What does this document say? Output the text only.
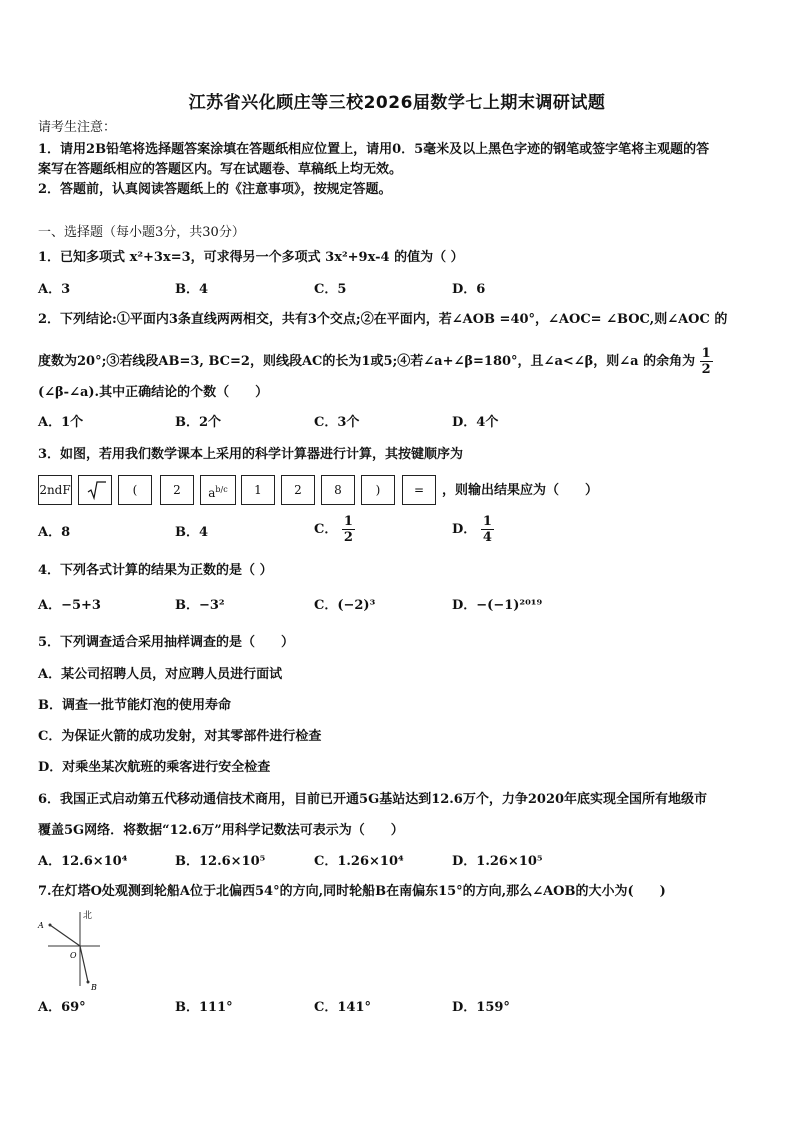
江苏省兴化顾庄等三校2026届数学七上期末调研试题
请考生注意：
1．请用2B铅笔将选择题答案涂填在答题纸相应位置上，请用0．5毫米及以上黑色字迹的钢笔或签字笔将主观题的答
案写在答题纸相应的答题区内。写在试题卷、草稿纸上均无效。
2．答题前，认真阅读答题纸上的《注意事项》，按规定答题。
一、选择题（每小题3分，共30分）
1．已知多项式 x²+3x=3，可求得另一个多项式 3x²+9x-4 的值为（ ）
A．3	B．4	C．5	D．6
2．下列结论:①平面内3条直线两两相交，共有3个交点;②在平面内，若∠AOB =40°，∠AOC= ∠BOC,则∠AOC 的
度数为20°;③若线段AB=3, BC=2，则线段AC的长为1或5;④若∠a+∠β=180°，且∠a<∠β，则∠a 的余角为 $\frac{1}{2}$
(∠β-∠a).其中正确结论的个数（　　）
A．1个	B．2个	C．3个	D．4个
3．如图，若用我们数学课本上采用的科学计算器进行计算，其按键顺序为
2ndF	(	2	$a^{b/c}$	1	2	8	)	=	，则输出结果应为（　　）
A．8	B．4	C． $\frac{1}{2}$	D． $\frac{1}{4}$
4．下列各式计算的结果为正数的是（ ）
A．−5+3	B．−3²	C．(−2)³	D．−(−1)²⁰¹⁹
5．下列调查适合采用抽样调查的是（　　）
A．某公司招聘人员，对应聘人员进行面试
B．调查一批节能灯泡的使用寿命
C．为保证火箭的成功发射，对其零部件进行检查
D．对乘坐某次航班的乘客进行安全检查
6．我国正式启动第五代移动通信技术商用，目前已开通5G基站达到12.6万个，力争2020年底实现全国所有地级市
覆盖5G网络．将数据“12.6万”用科学记数法可表示为（　　）
A．12.6×10⁴	B．12.6×10⁵	C．1.26×10⁴	D．1.26×10⁵
7.在灯塔O处观测到轮船A位于北偏西54°的方向,同时轮船B在南偏东15°的方向,那么∠AOB的大小为(　　)
北
A
O
B
A．69°	B．111°	C．141°	D．159°
